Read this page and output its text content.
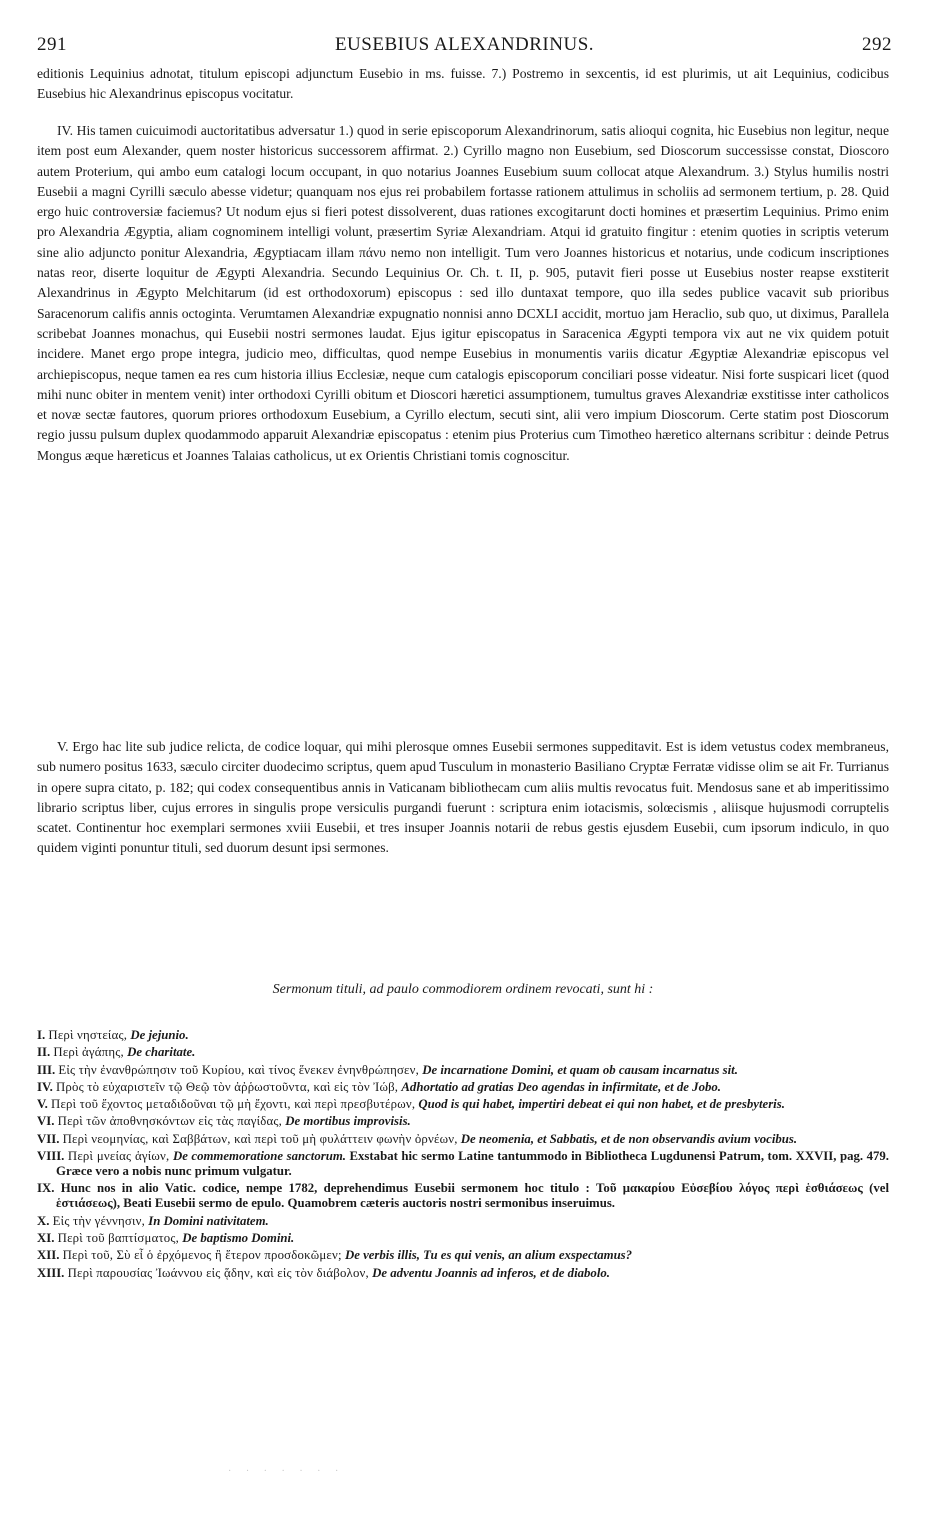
291	EUSEBIUS ALEXANDRINUS.	292

editionis Lequinius adnotat, titulum episcopi adjunctum Eusebio in ms. fuisse. 7.) Postremo in sexcentis, id est plurimis, ut ait Lequinius, codicibus Eusebius hic Alexandrinus episcopus vocitatur.

IV. His tamen cuicuimodi auctoritatibus adversatur 1.) quod in serie episcoporum Alexandrinorum, satis alioqui cognita, hic Eusebius non legitur, neque item post eum Alexander, quem noster historicus successorem affirmat. 2.) Cyrillo magno non Eusebium, sed Dioscorum successisse constat, Dioscoro autem Proterium, qui ambo eum catalogi locum occupant, in quo notarius Joannes Eusebium suum collocat atque Alexandrum. 3.) Stylus humilis nostri Eusebii a magni Cyrilli sæculo abesse videtur; quanquam nos ejus rei probabilem fortasse rationem attulimus in scholiis ad sermonem tertium, p. 28. Quid ergo huic controversiæ faciemus? Ut nodum ejus si fieri potest dissolverent, duas rationes excogitarunt docti homines et præsertim Lequinius. Primo enim pro Alexandria Ægyptia, aliam cognominem intelligi volunt, præsertim Syriæ Alexandriam. Atqui id gratuito fingitur : etenim quoties in scriptis veterum sine alio adjuncto ponitur Alexandria, Ægyptiacam illam πάνυ nemo non intelligit. Tum vero Joannes historicus et notarius, unde codicum inscriptiones natas reor, diserte loquitur de Ægypti Alexandria. Secundo Lequinius Or. Ch. t. II, p. 905, putavit fieri posse ut Eusebius noster reapse exstiterit Alexandrinus in Ægypto Melchitarum (id est orthodoxorum) episcopus : sed illo duntaxat tempore, quo illa sedes publice vacavit sub prioribus Saracenorum califis annis octoginta. Verumtamen Alexandriæ expugnatio nonnisi anno DCXLI accidit, mortuo jam Heraclio, sub quo, ut diximus, Parallela scribebat Joannes monachus, qui Eusebii nostri sermones laudat. Ejus igitur episcopatus in Saracenica Ægypti tempora vix aut ne vix quidem potuit incidere. Manet ergo prope integra, judicio meo, difficultas, quod nempe Eusebius in monumentis variis dicatur Ægyptiæ Alexandriæ episcopus vel archiepiscopus, neque tamen ea res cum historia illius Ecclesiæ, neque cum catalogis episcoporum conciliari posse videatur. Nisi forte suspicari licet (quod mihi nunc obiter in mentem venit) inter orthodoxi Cyrilli obitum et Dioscori hæretici assumptionem, tumultus graves Alexandriæ exstitisse inter catholicos et novæ sectæ fautores, quorum priores orthodoxum Eusebium, a Cyrillo electum, secuti sint, alii vero impium Dioscorum. Certe statim post Dioscorum regio jussu pulsum duplex quodammodo apparuit Alexandriæ episcopatus : etenim pius Proterius cum Timotheo hæretico alternans scribitur : deinde Petrus Mongus æque hæreticus et Joannes Talaias catholicus, ut ex Orientis Christiani tomis cognoscitur.

V. Ergo hac lite sub judice relicta, de codice loquar, qui mihi plerosque omnes Eusebii sermones suppeditavit. Est is idem vetustus codex membraneus, sub numero positus 1633, sæculo circiter duodecimo scriptus, quem apud Tusculum in monasterio Basiliano Cryptæ Ferratæ vidisse olim se ait Fr. Turrianus in opere supra citato, p. 182; qui codex consequentibus annis in Vaticanam bibliothecam cum aliis multis revocatus fuit. Mendosus sane et ab imperitissimo librario scriptus liber, cujus errores in singulis prope versiculis purgandi fuerunt : scriptura enim iotacismis, solœcismis , aliisque hujusmodi corruptelis scatet. Continentur hoc exemplari sermones xviii Eusebii, et tres insuper Joannis notarii de rebus gestis ejusdem Eusebii, cum ipsorum indiculo, in quo quidem viginti ponuntur tituli, sed duorum desunt ipsi sermones.

Sermonum tituli, ad paulo commodiorem ordinem revocati, sunt hi :
I. Περὶ νηστείας, De jejunio.
II. Περὶ ἀγάπης, De charitate.
III. Εἰς τὴν ἐνανθρώπησιν τοῦ Κυρίου, καὶ τίνος ἕνεκεν ἐνηνθρώπησεν, De incarnatione Domini, et quam ob causam incarnatus sit.
IV. Πρὸς τὸ εὐχαριστεῖν τῷ Θεῷ τὸν ἀῤῥωστοῦντα, καὶ εἰς τὸν Ἰώβ, Adhortatio ad gratias Deo agendas in infirmitate, et de Jobo.
V. Περὶ τοῦ ἔχοντος μεταδιδοῦναι τῷ μὴ ἔχοντι, καὶ περὶ πρεσβυτέρων, Quod is qui habet, impertiri debeat ei qui non habet, et de presbyteris.
VI. Περὶ τῶν ἀποθνησκόντων εἰς τὰς παγίδας, De mortibus improvisis.
VII. Περὶ νεομηνίας, καὶ Σαββάτων, καὶ περὶ τοῦ μὴ φυλάττειν φωνὴν ὀρνέων, De neomenia, et Sabbatis, et de non observandis avium vocibus.
VIII. Περὶ μνείας ἁγίων, De commemoratione sanctorum. Exstabat hic sermo Latine tantummodo in Bibliotheca Lugdunensi Patrum, tom. XXVII, pag. 479. Græce vero a nobis nunc primum vulgatur.
IX. Hunc nos in alio Vatic. codice, nempe 1782, deprehendimus Eusebii sermonem hoc titulo : Τοῦ μακαρίου Εὐσεβίου λόγος περὶ ἑσθιάσεως (vel ἑστιάσεως), Beati Eusebii sermo de epulo. Quamobrem cæteris auctoris nostri sermonibus inseruimus.
X. Εἰς τὴν γέννησιν, In Domini nativitatem.
XI. Περὶ τοῦ βαπτίσματος, De baptismo Domini.
XII. Περὶ τοῦ, Σὺ εἶ ὁ ἐρχόμενος ἢ ἕτερον προσδοκῶμεν; De verbis illis, Tu es qui venis, an alium exspectamus?
XIII. Περὶ παρουσίας Ἰωάννου εἰς ᾅδην, καὶ εἰς τὸν διάβολον, De adventu Joannis ad inferos, et de diabolo.
· · · · · · ·
